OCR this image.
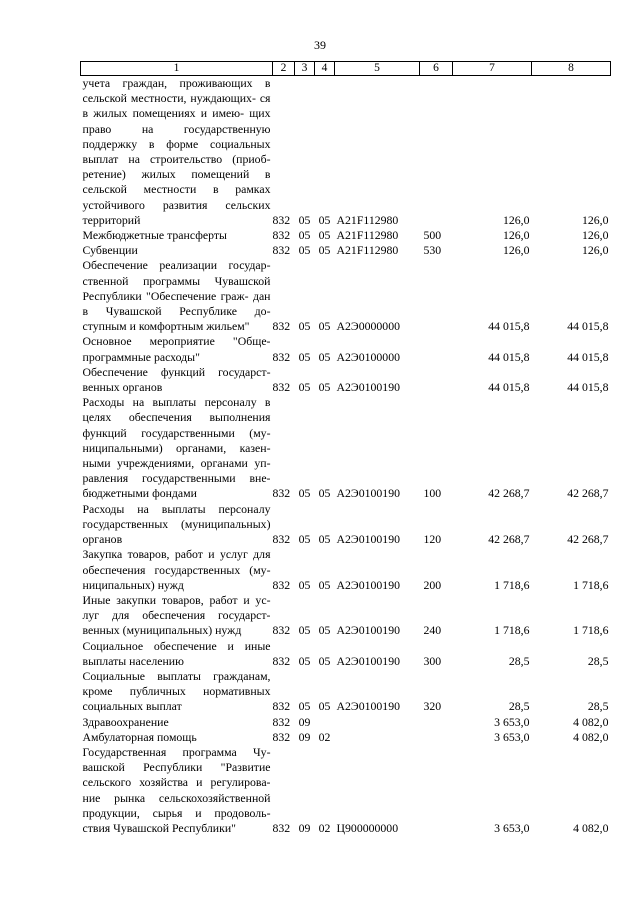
39
1	2	3	4	5	6	7	8
учета граждан, проживающих в сельской местности, нуждающих- ся в жилых помещениях и имею- щих право на государственную поддержку в форме социальных выплат на строительство (приоб- ретение) жилых помещений в сельской местности в рамках устойчивого развития сельских территорий	832	05	05	A21F112980		126,0	126,0
Межбюджетные трансферты	832	05	05	A21F112980	500	126,0	126,0
Субвенции	832	05	05	A21F112980	530	126,0	126,0
Обеспечение реализации государ- ственной программы Чувашской Республики "Обеспечение граж- дан в Чувашской Республике до- ступным и комфортным жильем"	832	05	05	A2Э0000000		44 015,8	44 015,8
Основное мероприятие "Обще- программные расходы"	832	05	05	A2Э0100000		44 015,8	44 015,8
Обеспечение функций государст- венных органов	832	05	05	A2Э0100190		44 015,8	44 015,8
Расходы на выплаты персоналу в целях обеспечения выполнения функций государственными (му- ниципальными) органами, казен- ными учреждениями, органами уп- равления государственными вне- бюджетными фондами	832	05	05	A2Э0100190	100	42 268,7	42 268,7
Расходы на выплаты персоналу государственных (муниципальных) органов	832	05	05	A2Э0100190	120	42 268,7	42 268,7
Закупка товаров, работ и услуг для обеспечения государственных (му- ниципальных) нужд	832	05	05	A2Э0100190	200	1 718,6	1 718,6
Иные закупки товаров, работ и ус- луг для обеспечения государст- венных (муниципальных) нужд	832	05	05	A2Э0100190	240	1 718,6	1 718,6
Социальное обеспечение и иные выплаты населению	832	05	05	A2Э0100190	300	28,5	28,5
Социальные выплаты гражданам, кроме публичных нормативных социальных выплат	832	05	05	A2Э0100190	320	28,5	28,5
Здравоохранение	832	09				3 653,0	4 082,0
Амбулаторная помощь	832	09	02			3 653,0	4 082,0
Государственная программа Чу- вашской Республики "Развитие сельского хозяйства и регулирова- ние рынка сельскохозяйственной продукции, сырья и продоволь- ствия Чувашской Республики"	832	09	02	Ц900000000		3 653,0	4 082,0
